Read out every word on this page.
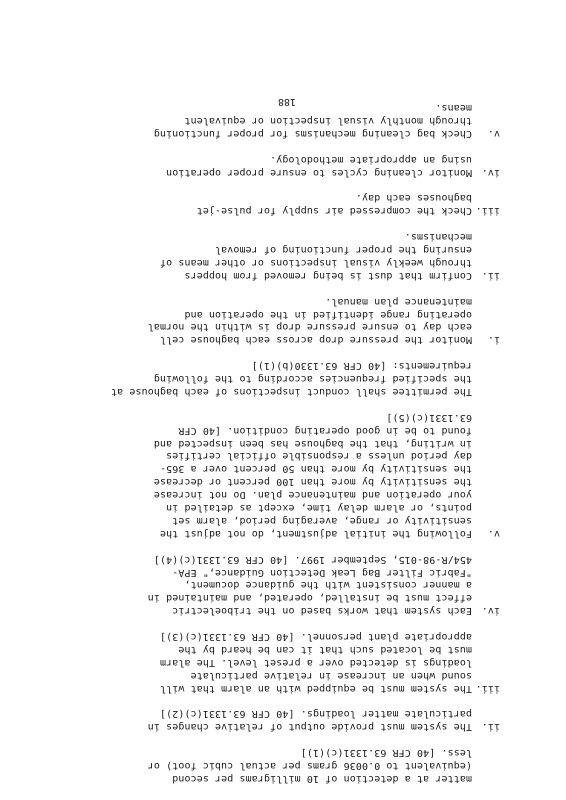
matter at a detection of 10 milligrams per second
(equivalent to 0.0036 grams per actual cubic foot) or
less. [40 CFR 63.1331(c)(1)]
ii.The system must provide output of relative changes in
particulate matter loadings. [40 CFR 63.1331(c)(2)]
iii.The system must be equipped with an alarm that will
sound when an increase in relative particulate
loadings is detected over a preset level. The alarm
must be located such that it can be heard by the
appropriate plant personnel. [40 CFR 63.1331(c)(3)]
iv.Each system that works based on the triboelectric
effect must be installed, operated, and maintained in
a manner consistent with the guidance document,
"Fabric Filter Bag Leak Detection Guidance," EPA-
454/R-98-015, September 1997. [40 CFR 63.1331(c)(4)]
v.Following the initial adjustment, do not adjust the
sensitivity or range, averaging period, alarm set
points, or alarm delay time, except as detailed in
your operation and maintenance plan. Do not increase
the sensitivity by more than 100 percent or decrease
the sensitivity by more than 50 percent over a 365-
day period unless a responsible official certifies
in writing, that the baghouse has been inspected and
found to be in good operating condition. [40 CFR
63.1331(c)(5)]
The permittee shall conduct inspections of each baghouse at
the specified frequencies according to the following
requirements: [40 CFR 63.1330(b)(1)]
i.Monitor the pressure drop across each baghouse cell
each day to ensure pressure drop is within the normal
operating range identified in the operation and
maintenance plan manual.
ii.Confirm that dust is being removed from hoppers
through weekly visual inspections or other means of
ensuring the proper functioning of removal
mechanisms.
iii.Check the compressed air supply for pulse-jet
baghouses each day.
iv.Monitor cleaning cycles to ensure proper operation
using an appropriate methodology.
v.Check bag cleaning mechanisms for proper functioning
through monthly visual inspection or equivalent
means.
188
